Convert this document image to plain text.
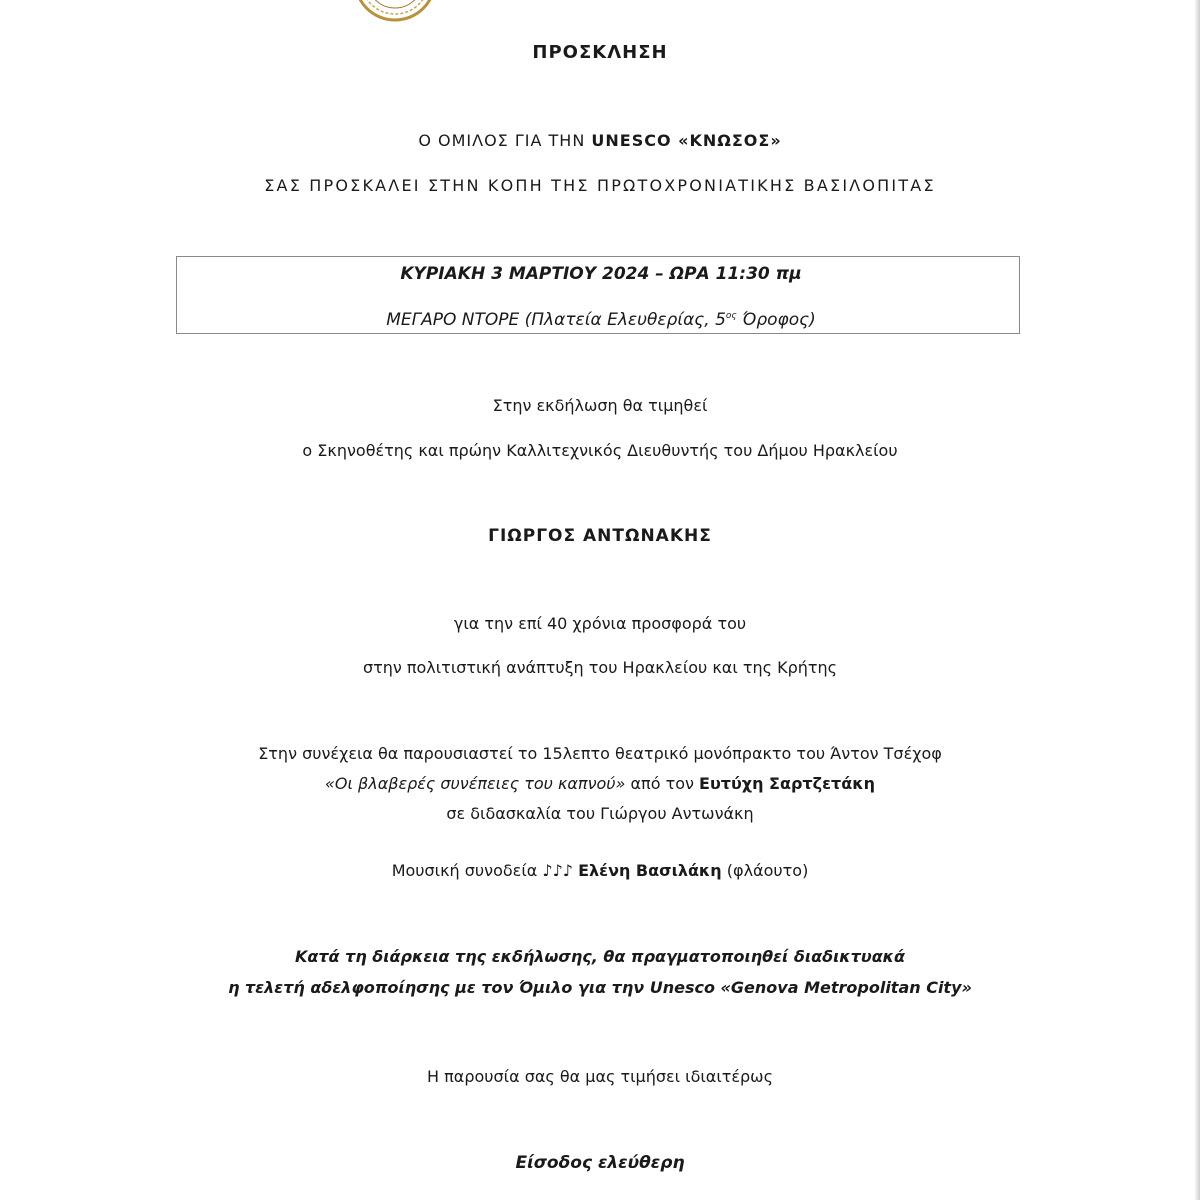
ΠΡΟΣΚΛΗΣΗ
Ο ΟΜΙΛΟΣ ΓΙΑ ΤΗΝ UNESCO «ΚΝΩΣΟΣ»
ΣΑΣ ΠΡΟΣΚΑΛΕΙ ΣΤΗΝ ΚΟΠΗ ΤΗΣ ΠΡΩΤΟΧΡΟΝΙΑΤΙΚΗΣ ΒΑΣΙΛΟΠΙΤΑΣ
ΚΥΡΙΑΚΗ 3 ΜΑΡΤΙΟΥ 2024 – ΩΡΑ 11:30 πμ
ΜΕΓΑΡΟ ΝΤΟΡΕ (Πλατεία Ελευθερίας, $5^{o\varsigma}$ Όροφος)
Στην εκδήλωση θα τιμηθεί
ο Σκηνοθέτης και πρώην Καλλιτεχνικός Διευθυντής του Δήμου Ηρακλείου
ΓΙΩΡΓΟΣ ΑΝΤΩΝΑΚΗΣ
για την επί 40 χρόνια προσφορά του
στην πολιτιστική ανάπτυξη του Ηρακλείου και της Κρήτης
Στην συνέχεια θα παρουσιαστεί το 15λεπτο θεατρικό μονόπρακτο του Άντον Τσέχοφ
«Οι βλαβερές συνέπειες του καπνού» από τον Ευτύχη Σαρτζετάκη
σε διδασκαλία του Γιώργου Αντωνάκη
Μουσική συνοδεία ♪♪♪ Ελένη Βασιλάκη (φλάουτο)
Κατά τη διάρκεια της εκδήλωσης, θα πραγματοποιηθεί διαδικτυακά
η τελετή αδελφοποίησης με τον Όμιλο για την Unesco «Genova Metropolitan City»
Η παρουσία σας θα μας τιμήσει ιδιαιτέρως
Είσοδος ελεύθερη
